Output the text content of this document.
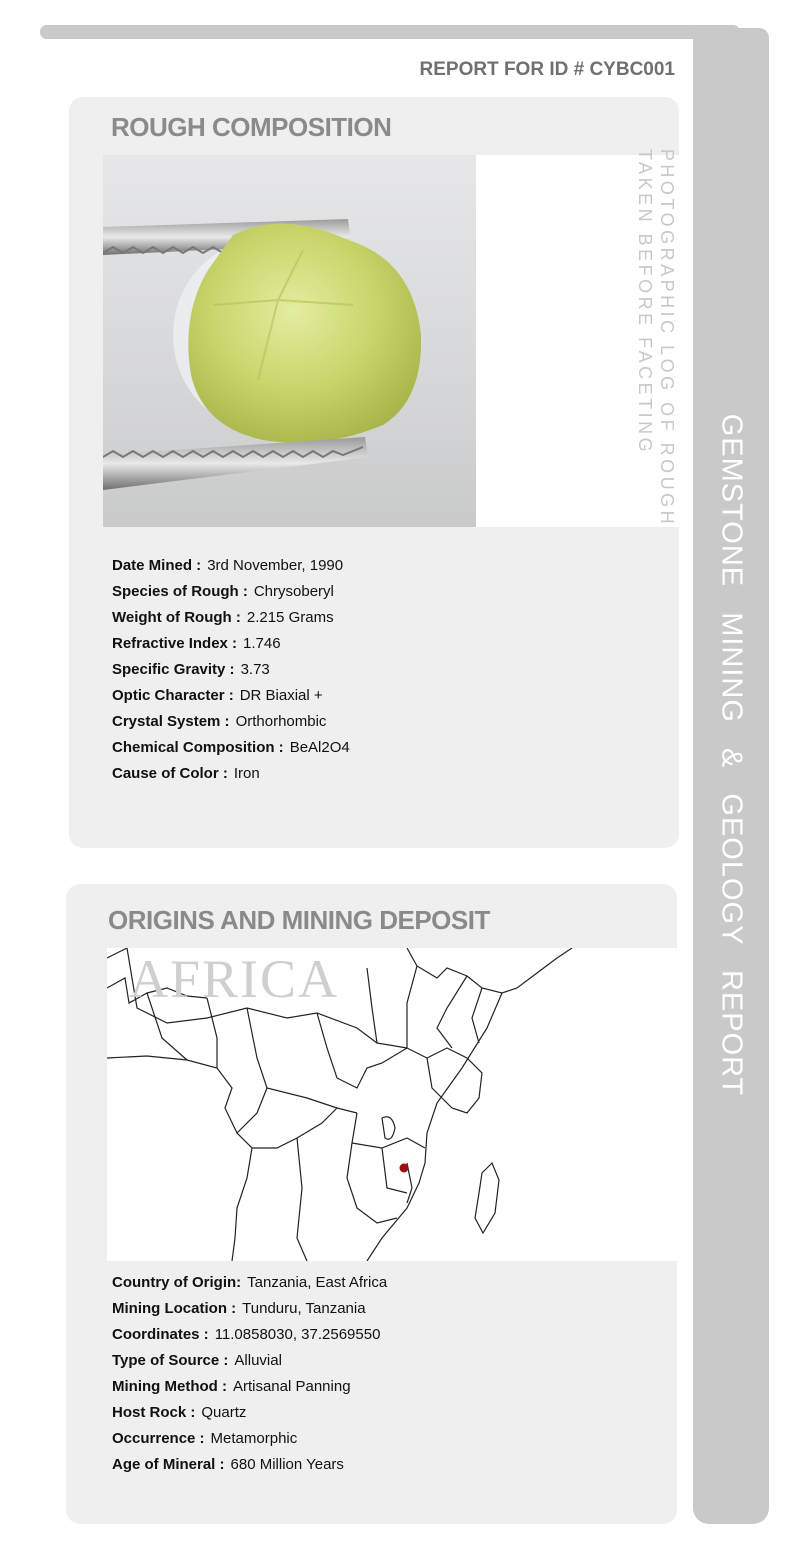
GEMSTONE MINING & GEOLOGY REPORT
REPORT FOR ID # CYBC001
ROUGH COMPOSITION
PHOTOGRAPHIC LOG OF ROUGH
TAKEN BEFORE FACETING
Date Mined : 3rd November, 1990
Species of Rough : Chrysoberyl
Weight of Rough : 2.215 Grams
Refractive Index : 1.746
Specific Gravity : 3.73
Optic Character : DR Biaxial +
Crystal System : Orthorhombic
Chemical Composition : BeAl2O4
Cause of Color : Iron
ORIGINS AND MINING DEPOSIT
AFRICA
Country of Origin: Tanzania, East Africa
Mining Location : Tunduru, Tanzania
Coordinates : 11.0858030, 37.2569550
Type of Source : Alluvial
Mining Method : Artisanal Panning
Host Rock : Quartz
Occurrence : Metamorphic
Age of Mineral : 680 Million Years
